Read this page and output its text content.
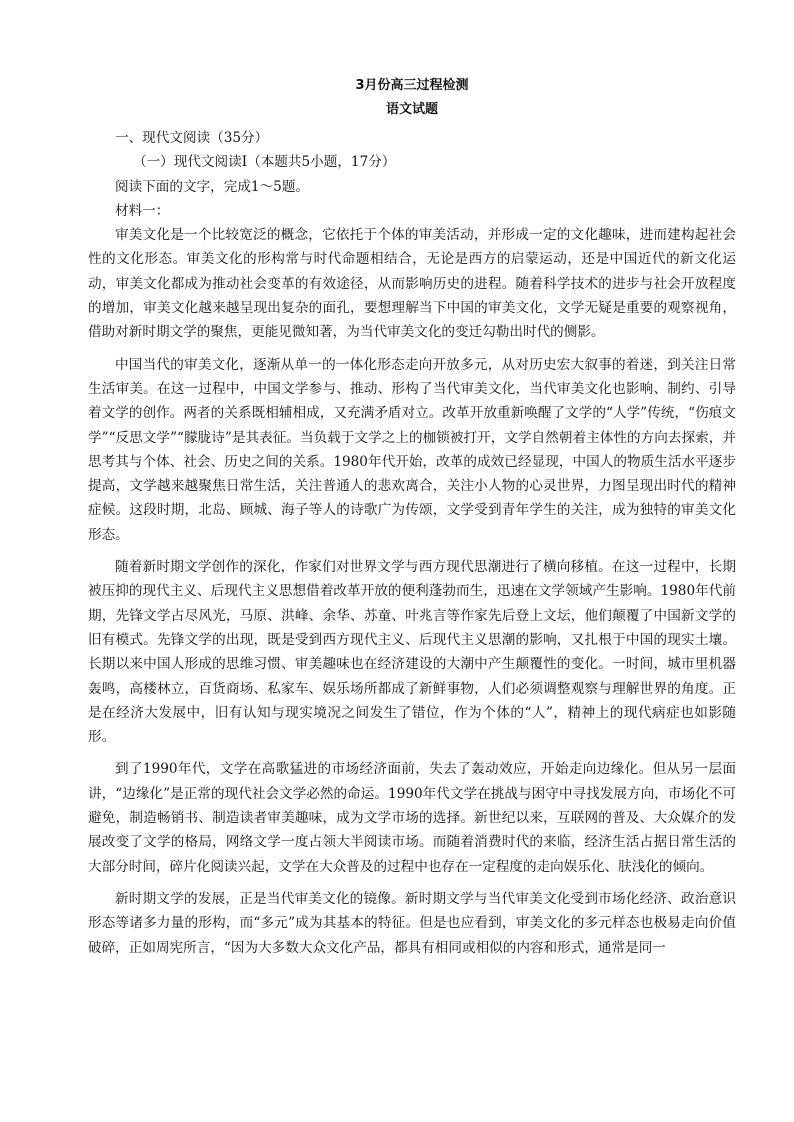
3月份高三过程检测

语文试题

一、现代文阅读（35分）

（一）现代文阅读I（本题共5小题，17分）

阅读下面的文字，完成1～5题。

材料一：

审美文化是一个比较宽泛的概念，它依托于个体的审美活动，并形成一定的文化趣味，进而建构起社会性的文化形态。审美文化的形构常与时代命题相结合，无论是西方的启蒙运动，还是中国近代的新文化运动，审美文化都成为推动社会变革的有效途径，从而影响历史的进程。随着科学技术的进步与社会开放程度的增加，审美文化越来越呈现出复杂的面孔，要想理解当下中国的审美文化，文学无疑是重要的观察视角，借助对新时期文学的聚焦，更能见微知著，为当代审美文化的变迁勾勒出时代的侧影。

中国当代的审美文化，逐渐从单一的一体化形态走向开放多元，从对历史宏大叙事的着迷，到关注日常生活审美。在这一过程中，中国文学参与、推动、形构了当代审美文化，当代审美文化也影响、制约、引导着文学的创作。两者的关系既相辅相成，又充满矛盾对立。改革开放重新唤醒了文学的“人学”传统，“伤痕文学”“反思文学”“朦胧诗”是其表征。当负载于文学之上的枷锁被打开，文学自然朝着主体性的方向去探索，并思考其与个体、社会、历史之间的关系。1980年代开始，改革的成效已经显现，中国人的物质生活水平逐步提高，文学越来越聚焦日常生活，关注普通人的悲欢离合，关注小人物的心灵世界，力图呈现出时代的精神症候。这段时期，北岛、顾城、海子等人的诗歌广为传颂，文学受到青年学生的关注，成为独特的审美文化形态。

随着新时期文学创作的深化，作家们对世界文学与西方现代思潮进行了横向移植。在这一过程中，长期被压抑的现代主义、后现代主义思想借着改革开放的便利蓬勃而生，迅速在文学领域产生影响。1980年代前期，先锋文学占尽风光，马原、洪峰、余华、苏童、叶兆言等作家先后登上文坛，他们颠覆了中国新文学的旧有模式。先锋文学的出现，既是受到西方现代主义、后现代主义思潮的影响，又扎根于中国的现实土壤。长期以来中国人形成的思维习惯、审美趣味也在经济建设的大潮中产生颠覆性的变化。一时间，城市里机器轰鸣，高楼林立，百货商场、私家车、娱乐场所都成了新鲜事物，人们必须调整观察与理解世界的角度。正是在经济大发展中，旧有认知与现实境况之间发生了错位，作为个体的“人”，精神上的现代病症也如影随形。

到了1990年代，文学在高歌猛进的市场经济面前，失去了轰动效应，开始走向边缘化。但从另一层面讲，“边缘化”是正常的现代社会文学必然的命运。1990年代文学在挑战与困守中寻找发展方向，市场化不可避免，制造畅销书、制造读者审美趣味，成为文学市场的选择。新世纪以来，互联网的普及、大众媒介的发展改变了文学的格局，网络文学一度占领大半阅读市场。而随着消费时代的来临，经济生活占据日常生活的大部分时间，碎片化阅读兴起，文学在大众普及的过程中也存在一定程度的走向娱乐化、肤浅化的倾向。

新时期文学的发展，正是当代审美文化的镜像。新时期文学与当代审美文化受到市场化经济、政治意识形态等诸多力量的形构，而“多元”成为其基本的特征。但是也应看到，审美文化的多元样态也极易走向价值破碎，正如周宪所言，“因为大多数大众文化产品，都具有相同或相似的内容和形式，通常是同一
